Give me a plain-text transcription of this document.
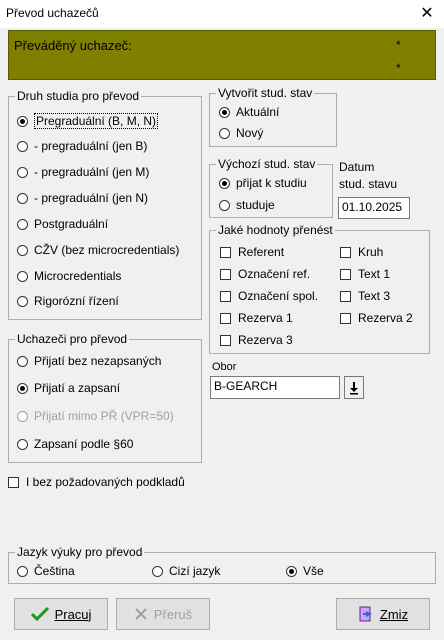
Převod uchazečů	✕
Převáděný uchazeč:	*
*
Druh studia pro převod
Pregraduální (B, M, N)
- pregraduální (jen B)
- pregraduální (jen M)
- pregraduální (jen N)
Postgraduální
CŽV (bez microcredentials)
Microcredentials
Rigorózní řízení
Uchazeči pro převod
Přijatí bez nezapsaných
Přijatí a zapsaní
Přijatí mimo PŘ (VPR=50)
Zapsaní podle §60
I bez požadovaných podkladů
Vytvořit stud. stav
Aktuální
Nový
Výchozí stud. stav
přijat k studiu
studuje
Datum
stud. stavu
01.10.2025
Jaké hodnoty přenést
Referent
Označení ref.
Označení spol.
Rezerva 1
Rezerva 3
Kruh
Text 1
Text 3
Rezerva 2
Obor
B-GEARCH
Jazyk výuky pro převod
Čeština	Cizí jazyk	Vše
Pracuj	Přeruš	Zmiz
